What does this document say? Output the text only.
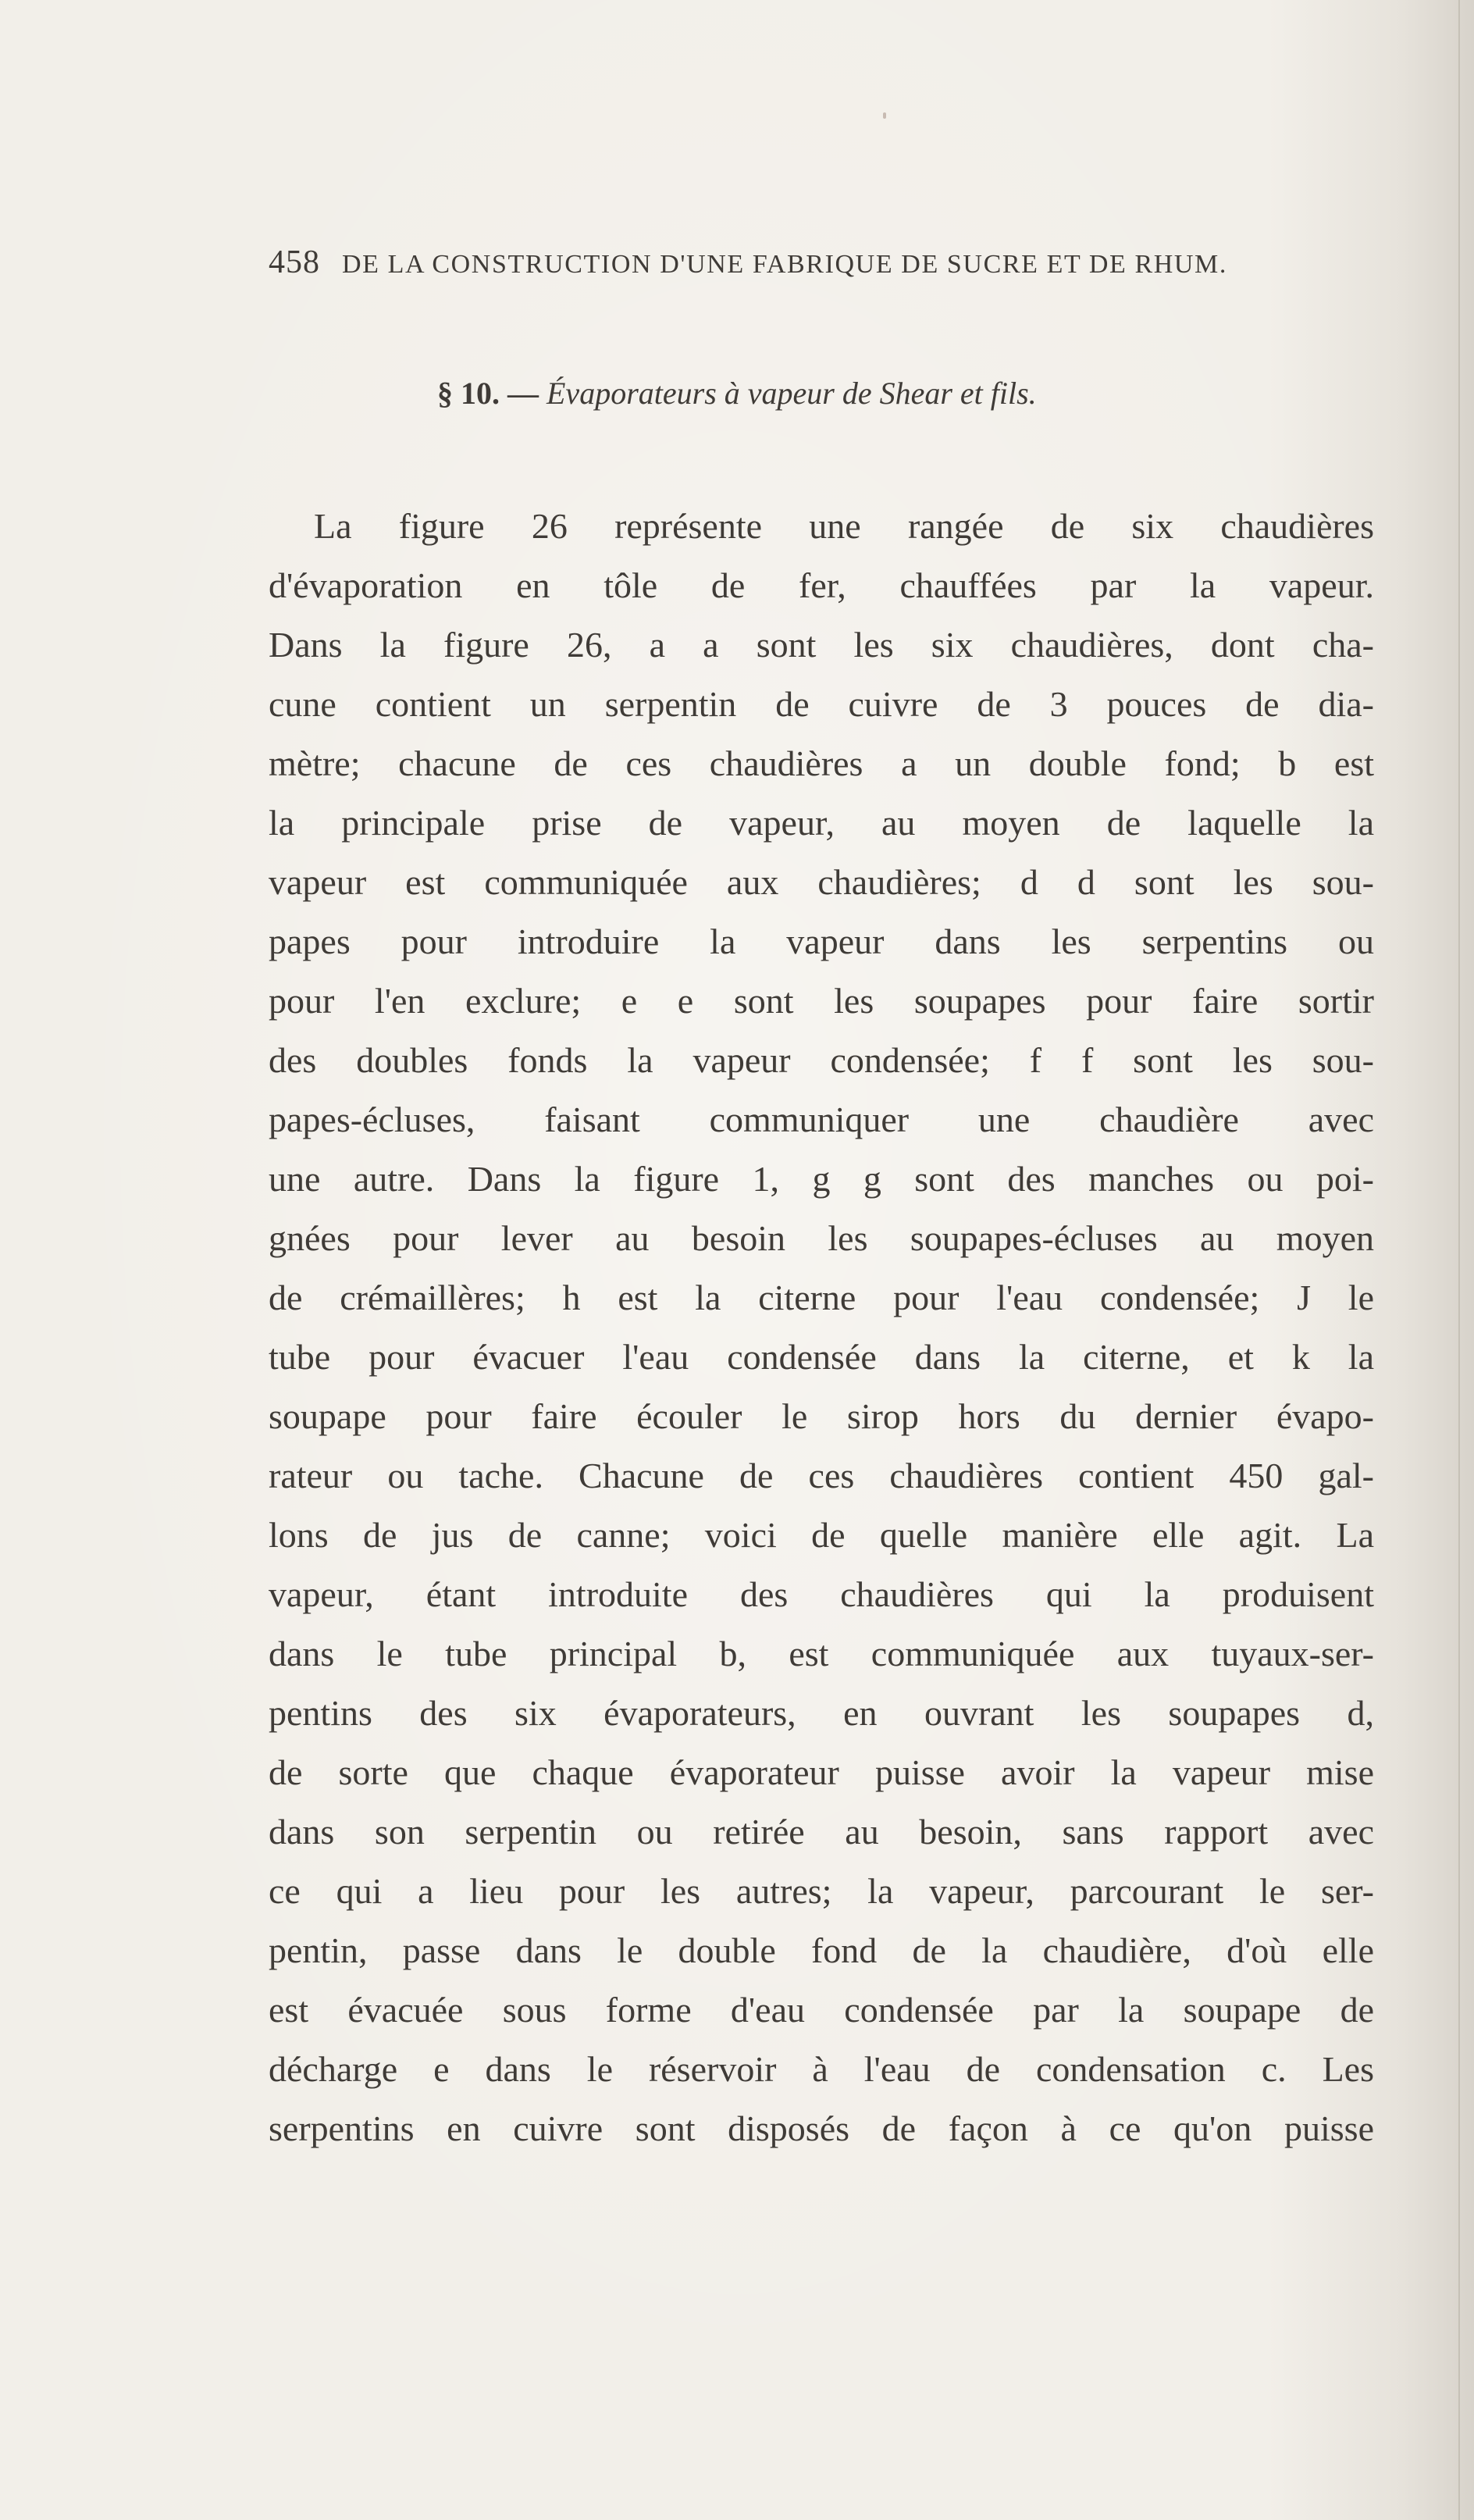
458 DE LA CONSTRUCTION D'UNE FABRIQUE DE SUCRE ET DE RHUM.
§ 10. — Évaporateurs à vapeur de Shear et fils.
La figure 26 représente une rangée de six chaudières
d'évaporation en tôle de fer, chauffées par la vapeur.
Dans la figure 26, a a sont les six chaudières, dont cha-
cune contient un serpentin de cuivre de 3 pouces de dia-
mètre; chacune de ces chaudières a un double fond; b est
la principale prise de vapeur, au moyen de laquelle la
vapeur est communiquée aux chaudières; d d sont les sou-
papes pour introduire la vapeur dans les serpentins ou
pour l'en exclure; e e sont les soupapes pour faire sortir
des doubles fonds la vapeur condensée; f f sont les sou-
papes-écluses, faisant communiquer une chaudière avec
une autre. Dans la figure 1, g g sont des manches ou poi-
gnées pour lever au besoin les soupapes-écluses au moyen
de crémaillères; h est la citerne pour l'eau condensée; J le
tube pour évacuer l'eau condensée dans la citerne, et k la
soupape pour faire écouler le sirop hors du dernier évapo-
rateur ou tache. Chacune de ces chaudières contient 450 gal-
lons de jus de canne; voici de quelle manière elle agit. La
vapeur, étant introduite des chaudières qui la produisent
dans le tube principal b, est communiquée aux tuyaux-ser-
pentins des six évaporateurs, en ouvrant les soupapes d,
de sorte que chaque évaporateur puisse avoir la vapeur mise
dans son serpentin ou retirée au besoin, sans rapport avec
ce qui a lieu pour les autres; la vapeur, parcourant le ser-
pentin, passe dans le double fond de la chaudière, d'où elle
est évacuée sous forme d'eau condensée par la soupape de
décharge e dans le réservoir à l'eau de condensation c. Les
serpentins en cuivre sont disposés de façon à ce qu'on puisse
